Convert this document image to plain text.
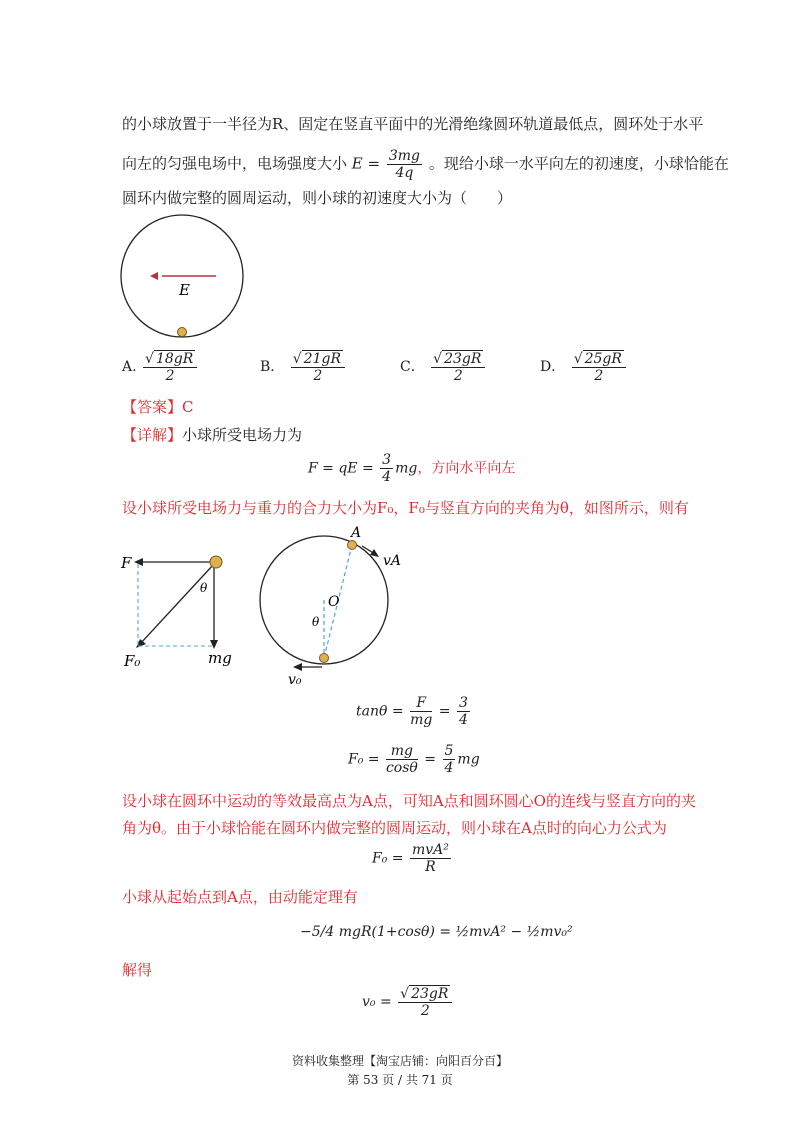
的小球放置于一半径为R、固定在竖直平面中的光滑绝缘圆环轨道最低点，圆环处于水平
向左的匀强电场中，电场强度大小 $E = \frac{3mg}{4q}$ 。现给小球一水平向左的初速度，小球恰能在
圆环内做完整的圆周运动，则小球的初速度大小为（　　）
E
A. $\frac{√ 18gR}{2}$	B． $\frac{√ 21gR}{2}$	C． $\frac{√ 23gR}{2}$	D． $\frac{√ 25gR}{2}$
【答案】C
【详解】小球所受电场力为
F = qE = $\frac{3}{4}$ mg，方向水平向左
设小球所受电场力与重力的合力大小为F₀，F₀与竖直方向的夹角为θ，如图所示，则有
F
θ
F₀	mg
A
vA
O
θ
v₀
$\tan\theta = \frac{F}{mg} = \frac{3}{4}$
$F_0 = \frac{mg}{\cos\theta} = \frac{5}{4}$ mg
设小球在圆环中运动的等效最高点为A点，可知A点和圆环圆心O的连线与竖直方向的夹
角为θ。由于小球恰能在圆环内做完整的圆周运动，则小球在A点时的向心力公式为
$F_0 = \frac{\text{mvA²}}{R}$
小球从起始点到A点，由动能定理有
−5/4 mgR(1+cosθ) = ½mvA² − ½mv₀²
解得
$v_0 = \frac{√ 23gR}{2}$
资料收集整理【淘宝店铺：向阳百分百】
第 53 页 / 共 71 页
